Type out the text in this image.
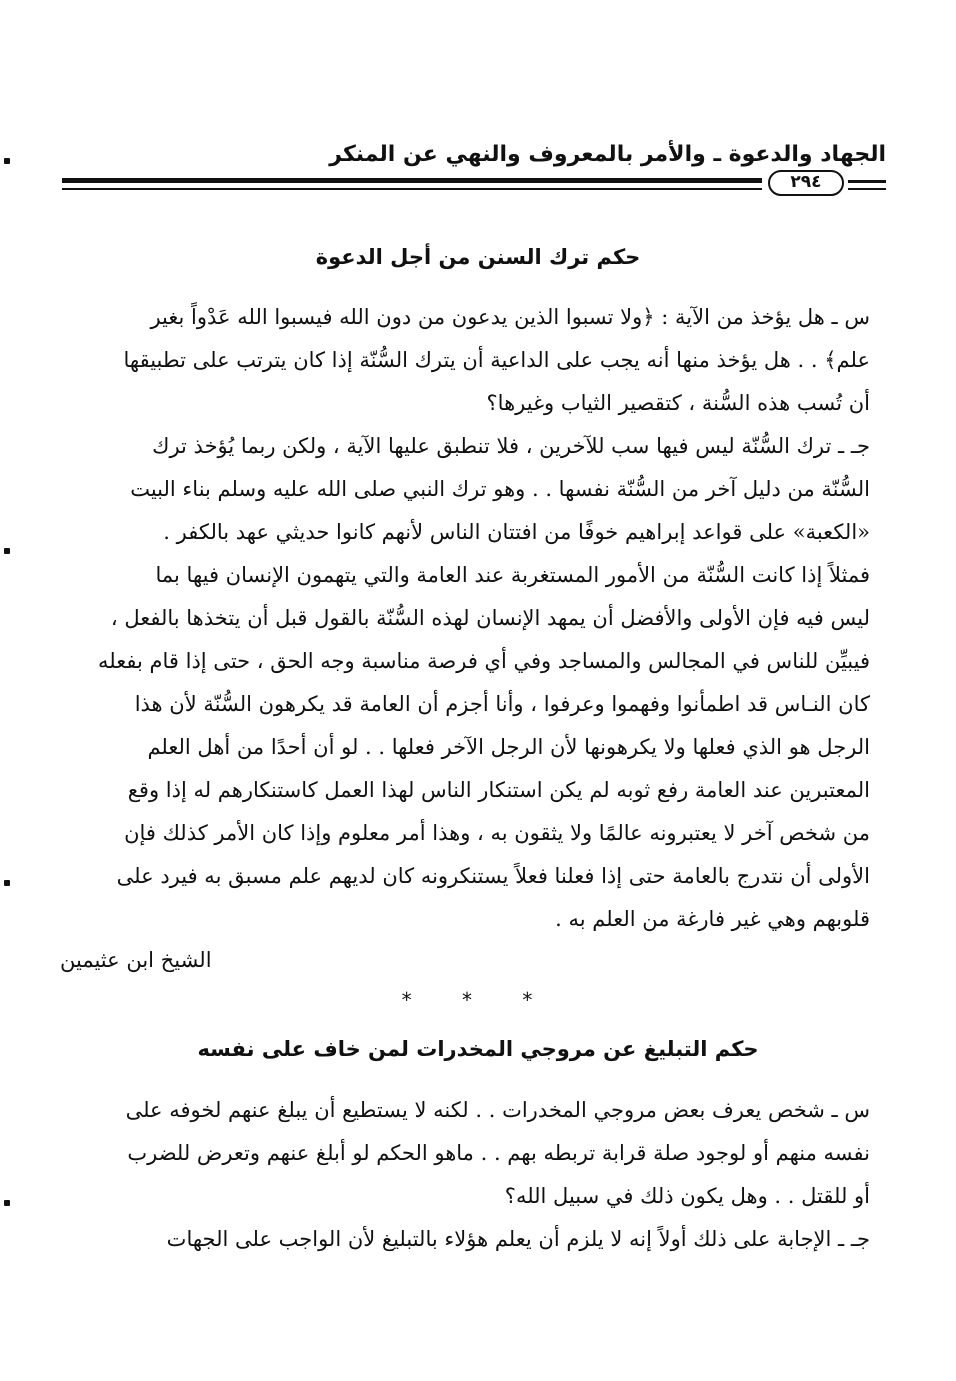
الجهاد والدعوة ـ والأمر بالمعروف والنهي عن المنكر
٢٩٤
حكم ترك السنن من أجل الدعوة
س ـ هل يؤخذ من الآية : ﴿ولا تسبوا الذين يدعون من دون الله فيسبوا الله عَدْواً بغير
علم﴾ . . هل يؤخذ منها أنه يجب على الداعية أن يترك السُّنّة إذا كان يترتب على تطبيقها
أن تُسب هذه السُّنة ، كتقصير الثياب وغيرها؟
جـ ـ ترك السُّنّة ليس فيها سب للآخرين ، فلا تنطبق عليها الآية ، ولكن ربما يُؤخذ ترك
السُّنّة من دليل آخر من السُّنّة نفسها . . وهو ترك النبي صلى الله عليه وسلم بناء البيت
«الكعبة» على قواعد إبراهيم خوفًا من افتتان الناس لأنهم كانوا حديثي عهد بالكفر .
فمثلاً إذا كانت السُّنّة من الأمور المستغربة عند العامة والتي يتهمون الإنسان فيها بما
ليس فيه فإن الأولى والأفضل أن يمهد الإنسان لهذه السُّنّة بالقول قبل أن يتخذها بالفعل ،
فيبيِّن للناس في المجالس والمساجد وفي أي فرصة مناسبة وجه الحق ، حتى إذا قام بفعله
كان النـاس قد اطمأنوا وفهموا وعرفوا ، وأنا أجزم أن العامة قد يكرهون السُّنّة لأن هذا
الرجل هو الذي فعلها ولا يكرهونها لأن الرجل الآخر فعلها . . لو أن أحدًا من أهل العلم
المعتبرين عند العامة رفع ثوبه لم يكن استنكار الناس لهذا العمل كاستنكارهم له إذا وقع
من شخص آخر لا يعتبرونه عالمًا ولا يثقون به ، وهذا أمر معلوم وإذا كان الأمر كذلك فإن
الأولى أن نتدرج بالعامة حتى إذا فعلنا فعلاً يستنكرونه كان لديهم علم مسبق به فيرد على
قلوبهم وهي غير فارغة من العلم به .
الشيخ ابن عثيمين
* * *
حكم التبليغ عن مروجي المخدرات لمن خاف على نفسه
س ـ شخص يعرف بعض مروجي المخدرات . . لكنه لا يستطيع أن يبلغ عنهم لخوفه على
نفسه منهم أو لوجود صلة قرابة تربطه بهم . . ماهو الحكم لو أبلغ عنهم وتعرض للضرب
أو للقتل . . وهل يكون ذلك في سبيل الله؟
جـ ـ الإجابة على ذلك أولاً إنه لا يلزم أن يعلم هؤلاء بالتبليغ لأن الواجب على الجهات
